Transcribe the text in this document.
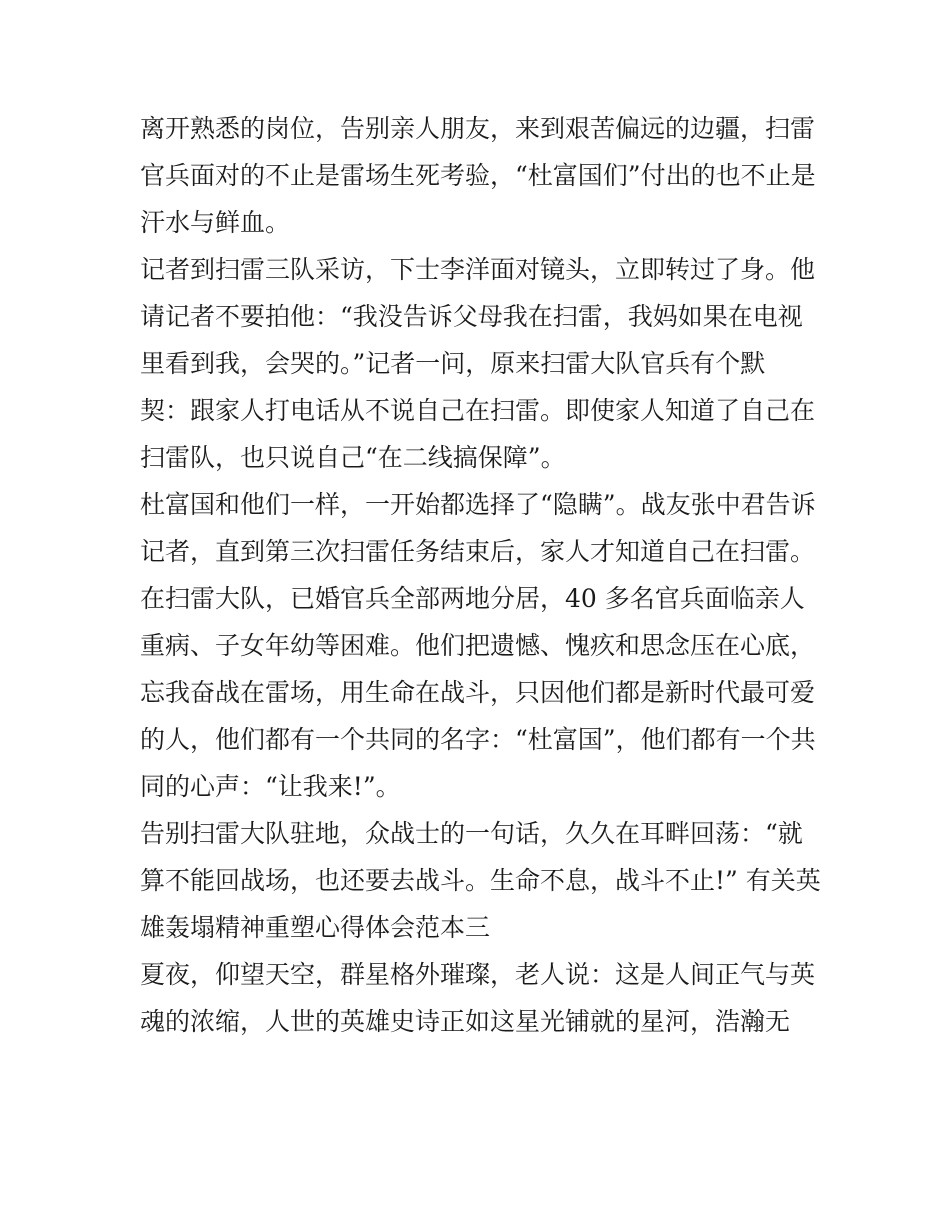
离开熟悉的岗位，告别亲人朋友，来到艰苦偏远的边疆，扫雷
官兵面对的不止是雷场生死考验，“杜富国们”付出的也不止是
汗水与鲜血。
记者到扫雷三队采访，下士李洋面对镜头，立即转过了身。他
请记者不要拍他：“我没告诉父母我在扫雷，我妈如果在电视
里看到我，会哭的。”记者一问，原来扫雷大队官兵有个默
契：跟家人打电话从不说自己在扫雷。即使家人知道了自己在
扫雷队，也只说自己“在二线搞保障”。
杜富国和他们一样，一开始都选择了“隐瞒”。战友张中君告诉
记者，直到第三次扫雷任务结束后，家人才知道自己在扫雷。
在扫雷大队，已婚官兵全部两地分居，40 多名官兵面临亲人
重病、子女年幼等困难。他们把遗憾、愧疚和思念压在心底，
忘我奋战在雷场，用生命在战斗，只因他们都是新时代最可爱
的人，他们都有一个共同的名字：“杜富国”，他们都有一个共
同的心声：“让我来!”。
告别扫雷大队驻地，众战士的一句话，久久在耳畔回荡：“就
算不能回战场，也还要去战斗。生命不息，战斗不止!” 有关英
雄轰塌精神重塑心得体会范本三
夏夜，仰望天空，群星格外璀璨，老人说：这是人间正气与英
魂的浓缩，人世的英雄史诗正如这星光铺就的星河，浩瀚无
